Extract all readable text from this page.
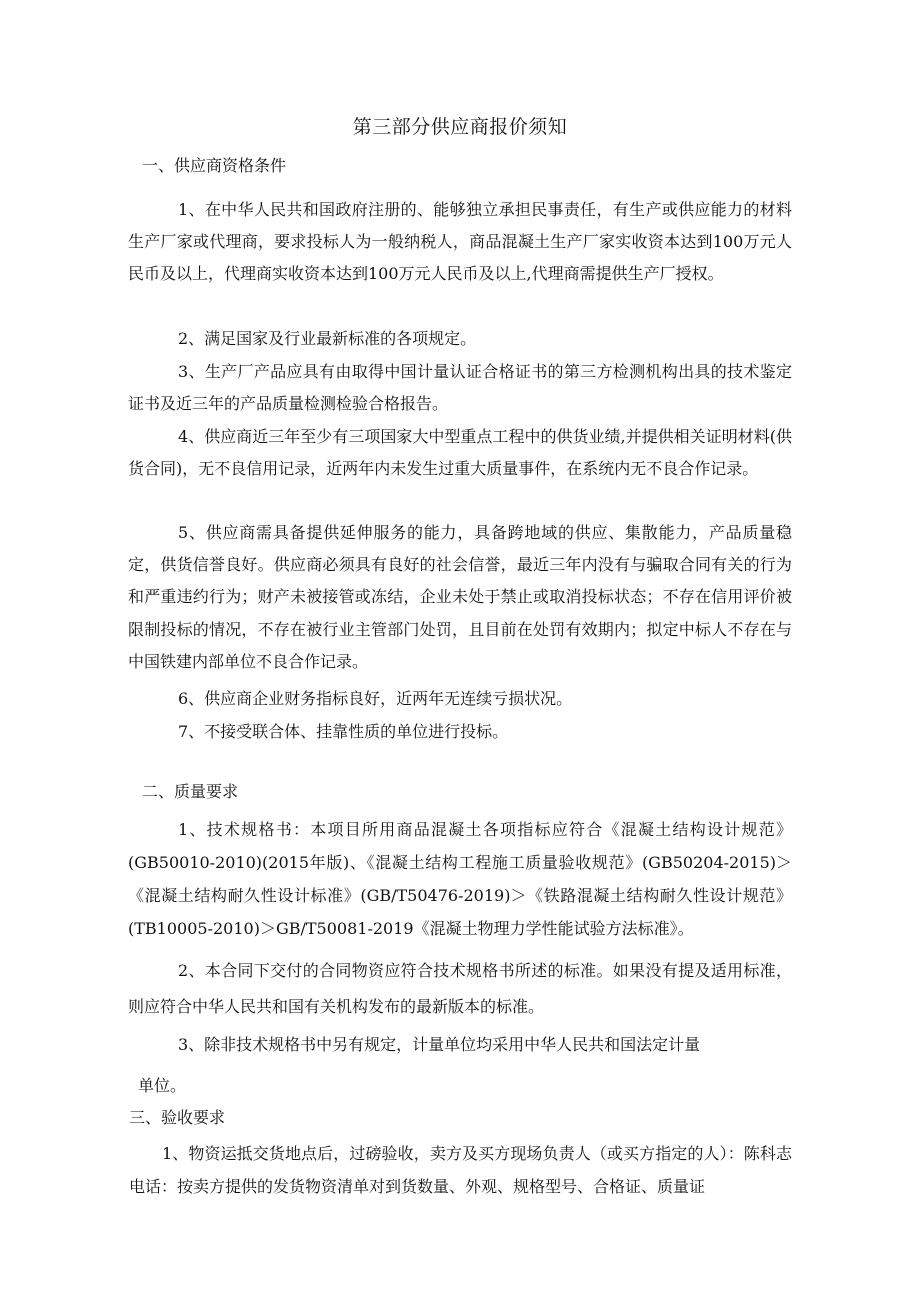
第三部分供应商报价须知
一、供应商资格条件

1、在中华人民共和国政府注册的、能够独立承担民事责任，有生产或供应能力的材料生产厂家或代理商，要求投标人为一般纳税人，商品混凝土生产厂家实收资本达到100万元人民币及以上，代理商实收资本达到100万元人民币及以上,代理商需提供生产厂授权。

2、满足国家及行业最新标准的各项规定。

3、生产厂产品应具有由取得中国计量认证合格证书的第三方检测机构出具的技术鉴定证书及近三年的产品质量检测检验合格报告。

4、供应商近三年至少有三项国家大中型重点工程中的供货业绩,并提供相关证明材料(供货合同)，无不良信用记录，近两年内未发生过重大质量事件，在系统内无不良合作记录。

5、供应商需具备提供延伸服务的能力，具备跨地域的供应、集散能力，产品质量稳定，供货信誉良好。供应商必须具有良好的社会信誉，最近三年内没有与骗取合同有关的行为和严重违约行为；财产未被接管或冻结，企业未处于禁止或取消投标状态；不存在信用评价被限制投标的情况，不存在被行业主管部门处罚，且目前在处罚有效期内；拟定中标人不存在与中国铁建内部单位不良合作记录。

6、供应商企业财务指标良好，近两年无连续亏损状况。

7、不接受联合体、挂靠性质的单位进行投标。

二、质量要求

1、技术规格书：本项目所用商品混凝土各项指标应符合《混凝土结构设计规范》(GB50010-2010)(2015年版)、《混凝土结构工程施工质量验收规范》(GB50204-2015)＞《混凝土结构耐久性设计标准》(GB/T50476-2019)＞《铁路混凝土结构耐久性设计规范》(TB10005-2010)＞GB/T50081-2019《混凝土物理力学性能试验方法标准》。

2、本合同下交付的合同物资应符合技术规格书所述的标准。如果没有提及适用标准，则应符合中华人民共和国有关机构发布的最新版本的标准。

3、除非技术规格书中另有规定，计量单位均采用中华人民共和国法定计量
单位。
三、验收要求

1、物资运抵交货地点后，过磅验收，卖方及买方现场负责人（或买方指定的人）：陈科志电话：按卖方提供的发货物资清单对到货数量、外观、规格型号、合格证、质量证
